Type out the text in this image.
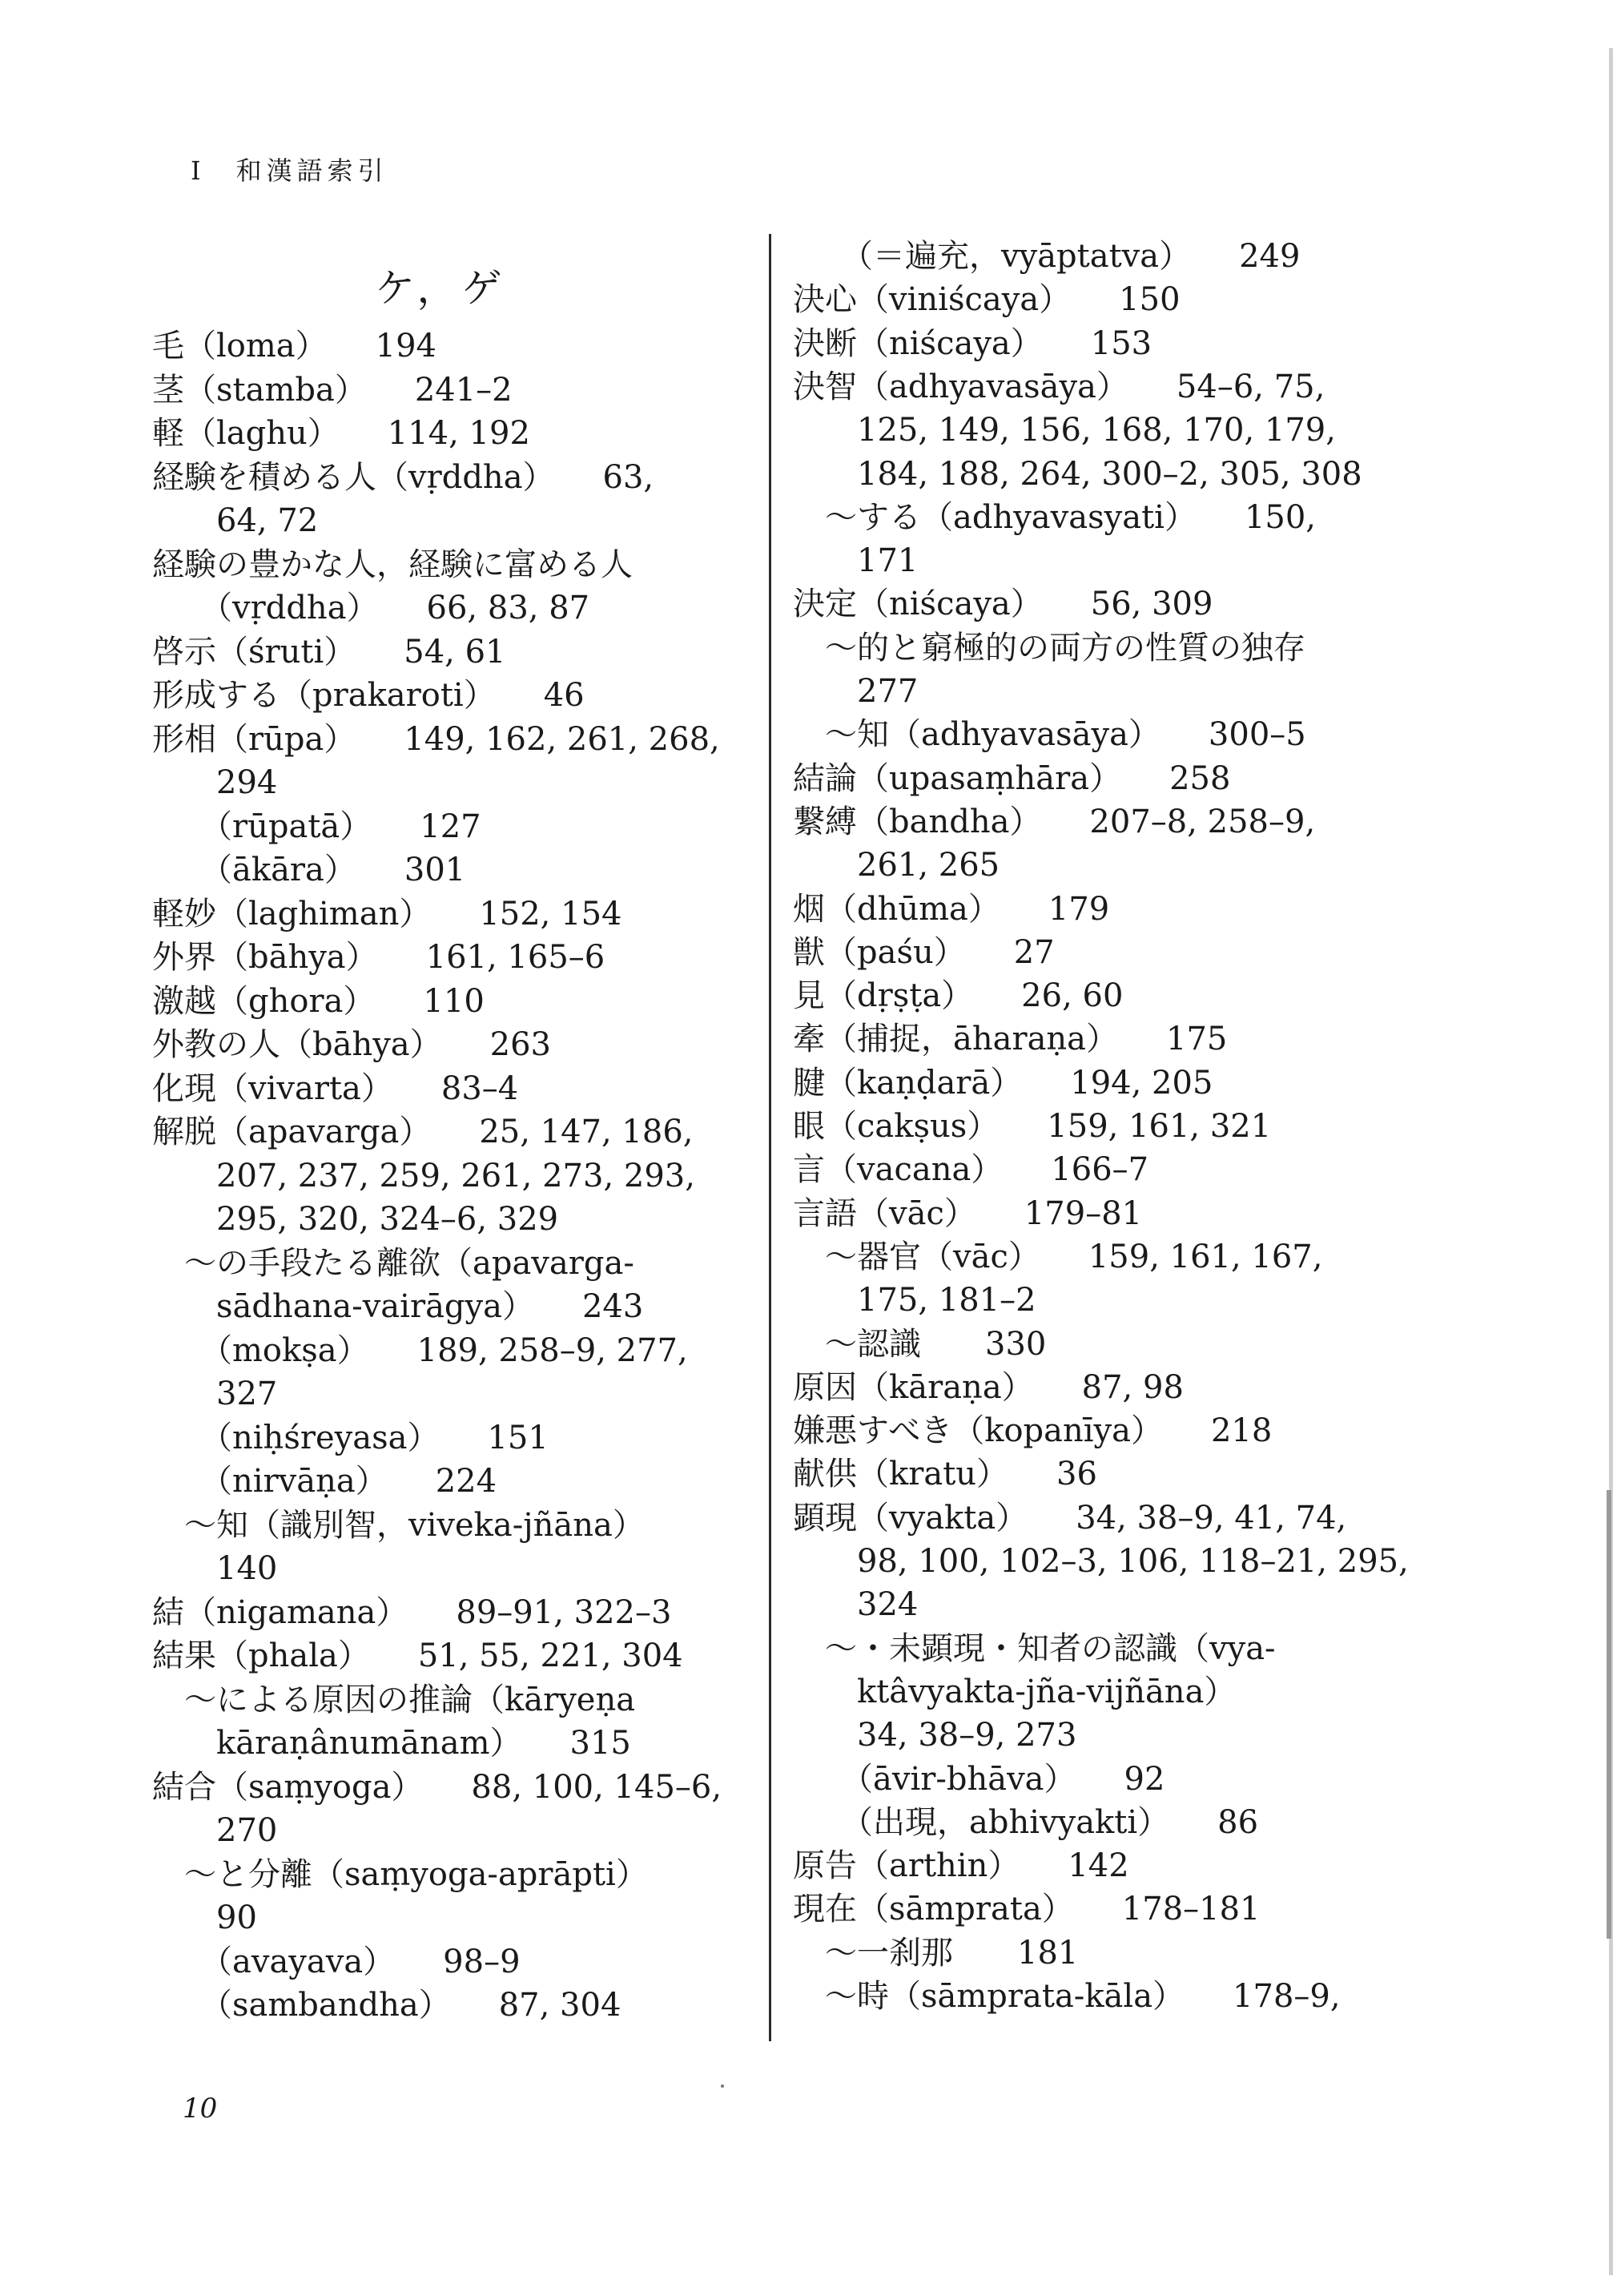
I　和漢語索引
ケ，ゲ
毛（loma）　　194
茎（stamba）　　241–2
軽（laghu）　　114, 192
経験を積める人（vṛddha）　　63,
　　64, 72
経験の豊かな人，経験に富める人
　　（vṛddha）　　66, 83, 87
啓示（śruti）　　54, 61
形成する（prakaroti）　　46
形相（rūpa）　　149, 162, 261, 268,
　　294
　　（rūpatā）　　127
　　（ākāra）　　301
軽妙（laghiman）　　152, 154
外界（bāhya）　　161, 165–6
激越（ghora）　　110
外教の人（bāhya）　　263
化現（vivarta）　　83–4
解脱（apavarga）　　25, 147, 186,
　　207, 237, 259, 261, 273, 293,
　　295, 320, 324–6, 329
　～の手段たる離欲（apavarga-
　　sādhana-vairāgya）　　243
　　（mokṣa）　　189, 258–9, 277,
　　327
　　（niḥśreyasa）　　151
　　（nirvāṇa）　　224
　～知（識別智，viveka-jñāna）
　　140
結（nigamana）　　89–91, 322–3
結果（phala）　　51, 55, 221, 304
　～による原因の推論（kāryeṇa
　　kāraṇânumānam）　　315
結合（saṃyoga）　　88, 100, 145–6,
　　270
　～と分離（saṃyoga-aprāpti）
　　90
　　（avayava）　　98–9
　　（sambandha）　　87, 304
　　（＝遍充，vyāptatva）　　249
決心（viniścaya）　　150
決断（niścaya）　　153
決智（adhyavasāya）　　54–6, 75,
　　125, 149, 156, 168, 170, 179,
　　184, 188, 264, 300–2, 305, 308
　～する（adhyavasyati）　　150,
　　171
決定（niścaya）　　56, 309
　～的と窮極的の両方の性質の独存
　　277
　～知（adhyavasāya）　　300–5
結論（upasaṃhāra）　　258
繋縛（bandha）　　207–8, 258–9,
　　261, 265
烟（dhūma）　　179
獣（paśu）　　27
見（dṛṣṭa）　　26, 60
牽（捕捉，āharaṇa）　　175
腱（kaṇḍarā）　　194, 205
眼（cakṣus）　　159, 161, 321
言（vacana）　　166–7
言語（vāc）　　179–81
　～器官（vāc）　　159, 161, 167,
　　175, 181–2
　～認識　　330
原因（kāraṇa）　　87, 98
嫌悪すべき（kopanīya）　　218
献供（kratu）　　36
顕現（vyakta）　　34, 38–9, 41, 74,
　　98, 100, 102–3, 106, 118–21, 295,
　　324
　～・未顕現・知者の認識（vya-
　　ktâvyakta-jña-vijñāna）
　　34, 38–9, 273
　　（āvir-bhāva）　　92
　　（出現，abhivyakti）　　86
原告（arthin）　　142
現在（sāmprata）　　178–181
　～一刹那　　181
　～時（sāmprata-kāla）　　178–9,
10
